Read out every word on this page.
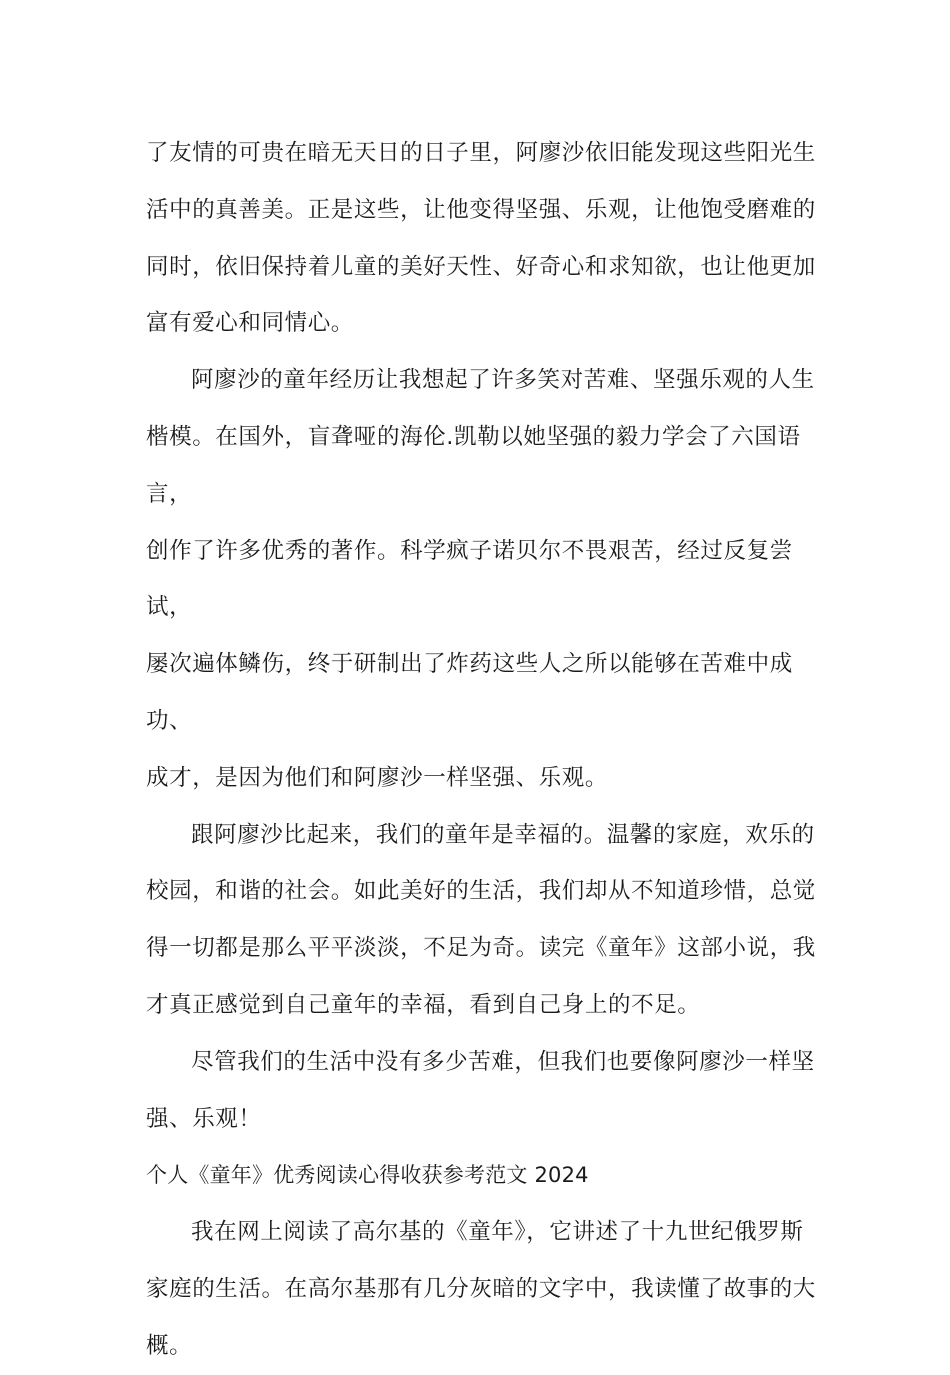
了友情的可贵在暗无天日的日子里，阿廖沙依旧能发现这些阳光生

活中的真善美。正是这些，让他变得坚强、乐观，让他饱受磨难的

同时，依旧保持着儿童的美好天性、好奇心和求知欲，也让他更加

富有爱心和同情心。

阿廖沙的童年经历让我想起了许多笑对苦难、坚强乐观的人生

楷模。在国外，盲聋哑的海伦.凯勒以她坚强的毅力学会了六国语言，

创作了许多优秀的著作。科学疯子诺贝尔不畏艰苦，经过反复尝试，

屡次遍体鳞伤，终于研制出了炸药这些人之所以能够在苦难中成功、

成才，是因为他们和阿廖沙一样坚强、乐观。

跟阿廖沙比起来，我们的童年是幸福的。温馨的家庭，欢乐的

校园，和谐的社会。如此美好的生活，我们却从不知道珍惜，总觉

得一切都是那么平平淡淡，不足为奇。读完《童年》这部小说，我

才真正感觉到自己童年的幸福，看到自己身上的不足。

尽管我们的生活中没有多少苦难，但我们也要像阿廖沙一样坚

强、乐观！

个人《童年》优秀阅读心得收获参考范文 2024

我在网上阅读了高尔基的《童年》，它讲述了十九世纪俄罗斯

家庭的生活。在高尔基那有几分灰暗的文字中，我读懂了故事的大

概。
